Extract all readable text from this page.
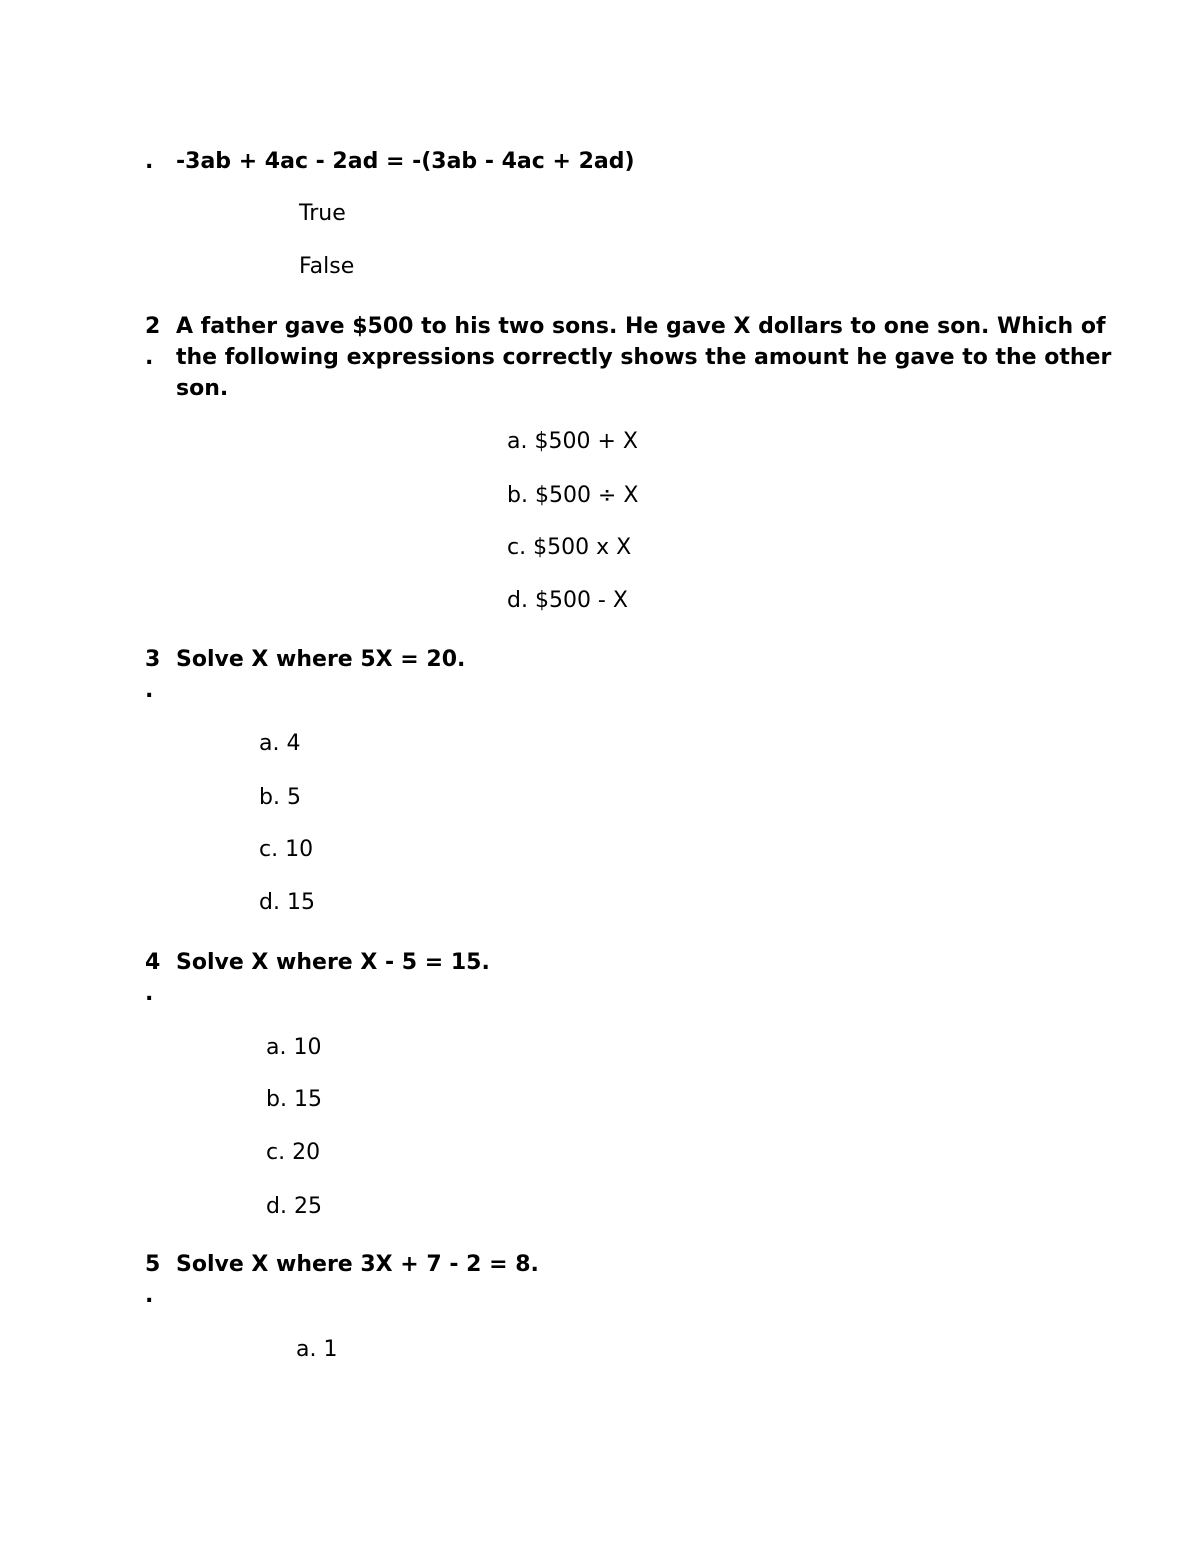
.	-3ab + 4ac - 2ad = -(3ab - 4ac + 2ad)
True
False
2
.
A father gave $500 to his two sons. He gave X dollars to one son. Which of the following expressions correctly shows the amount he gave to the other son.
a. $500 + X
b. $500 ÷ X
c. $500 x X
d. $500 - X
3
.
Solve X where 5X = 20.
a. 4
b. 5
c. 10
d. 15
4
.
Solve X where X - 5 = 15.
a. 10
b. 15
c. 20
d. 25
5
.
Solve X where 3X + 7 - 2 = 8.
a. 1
